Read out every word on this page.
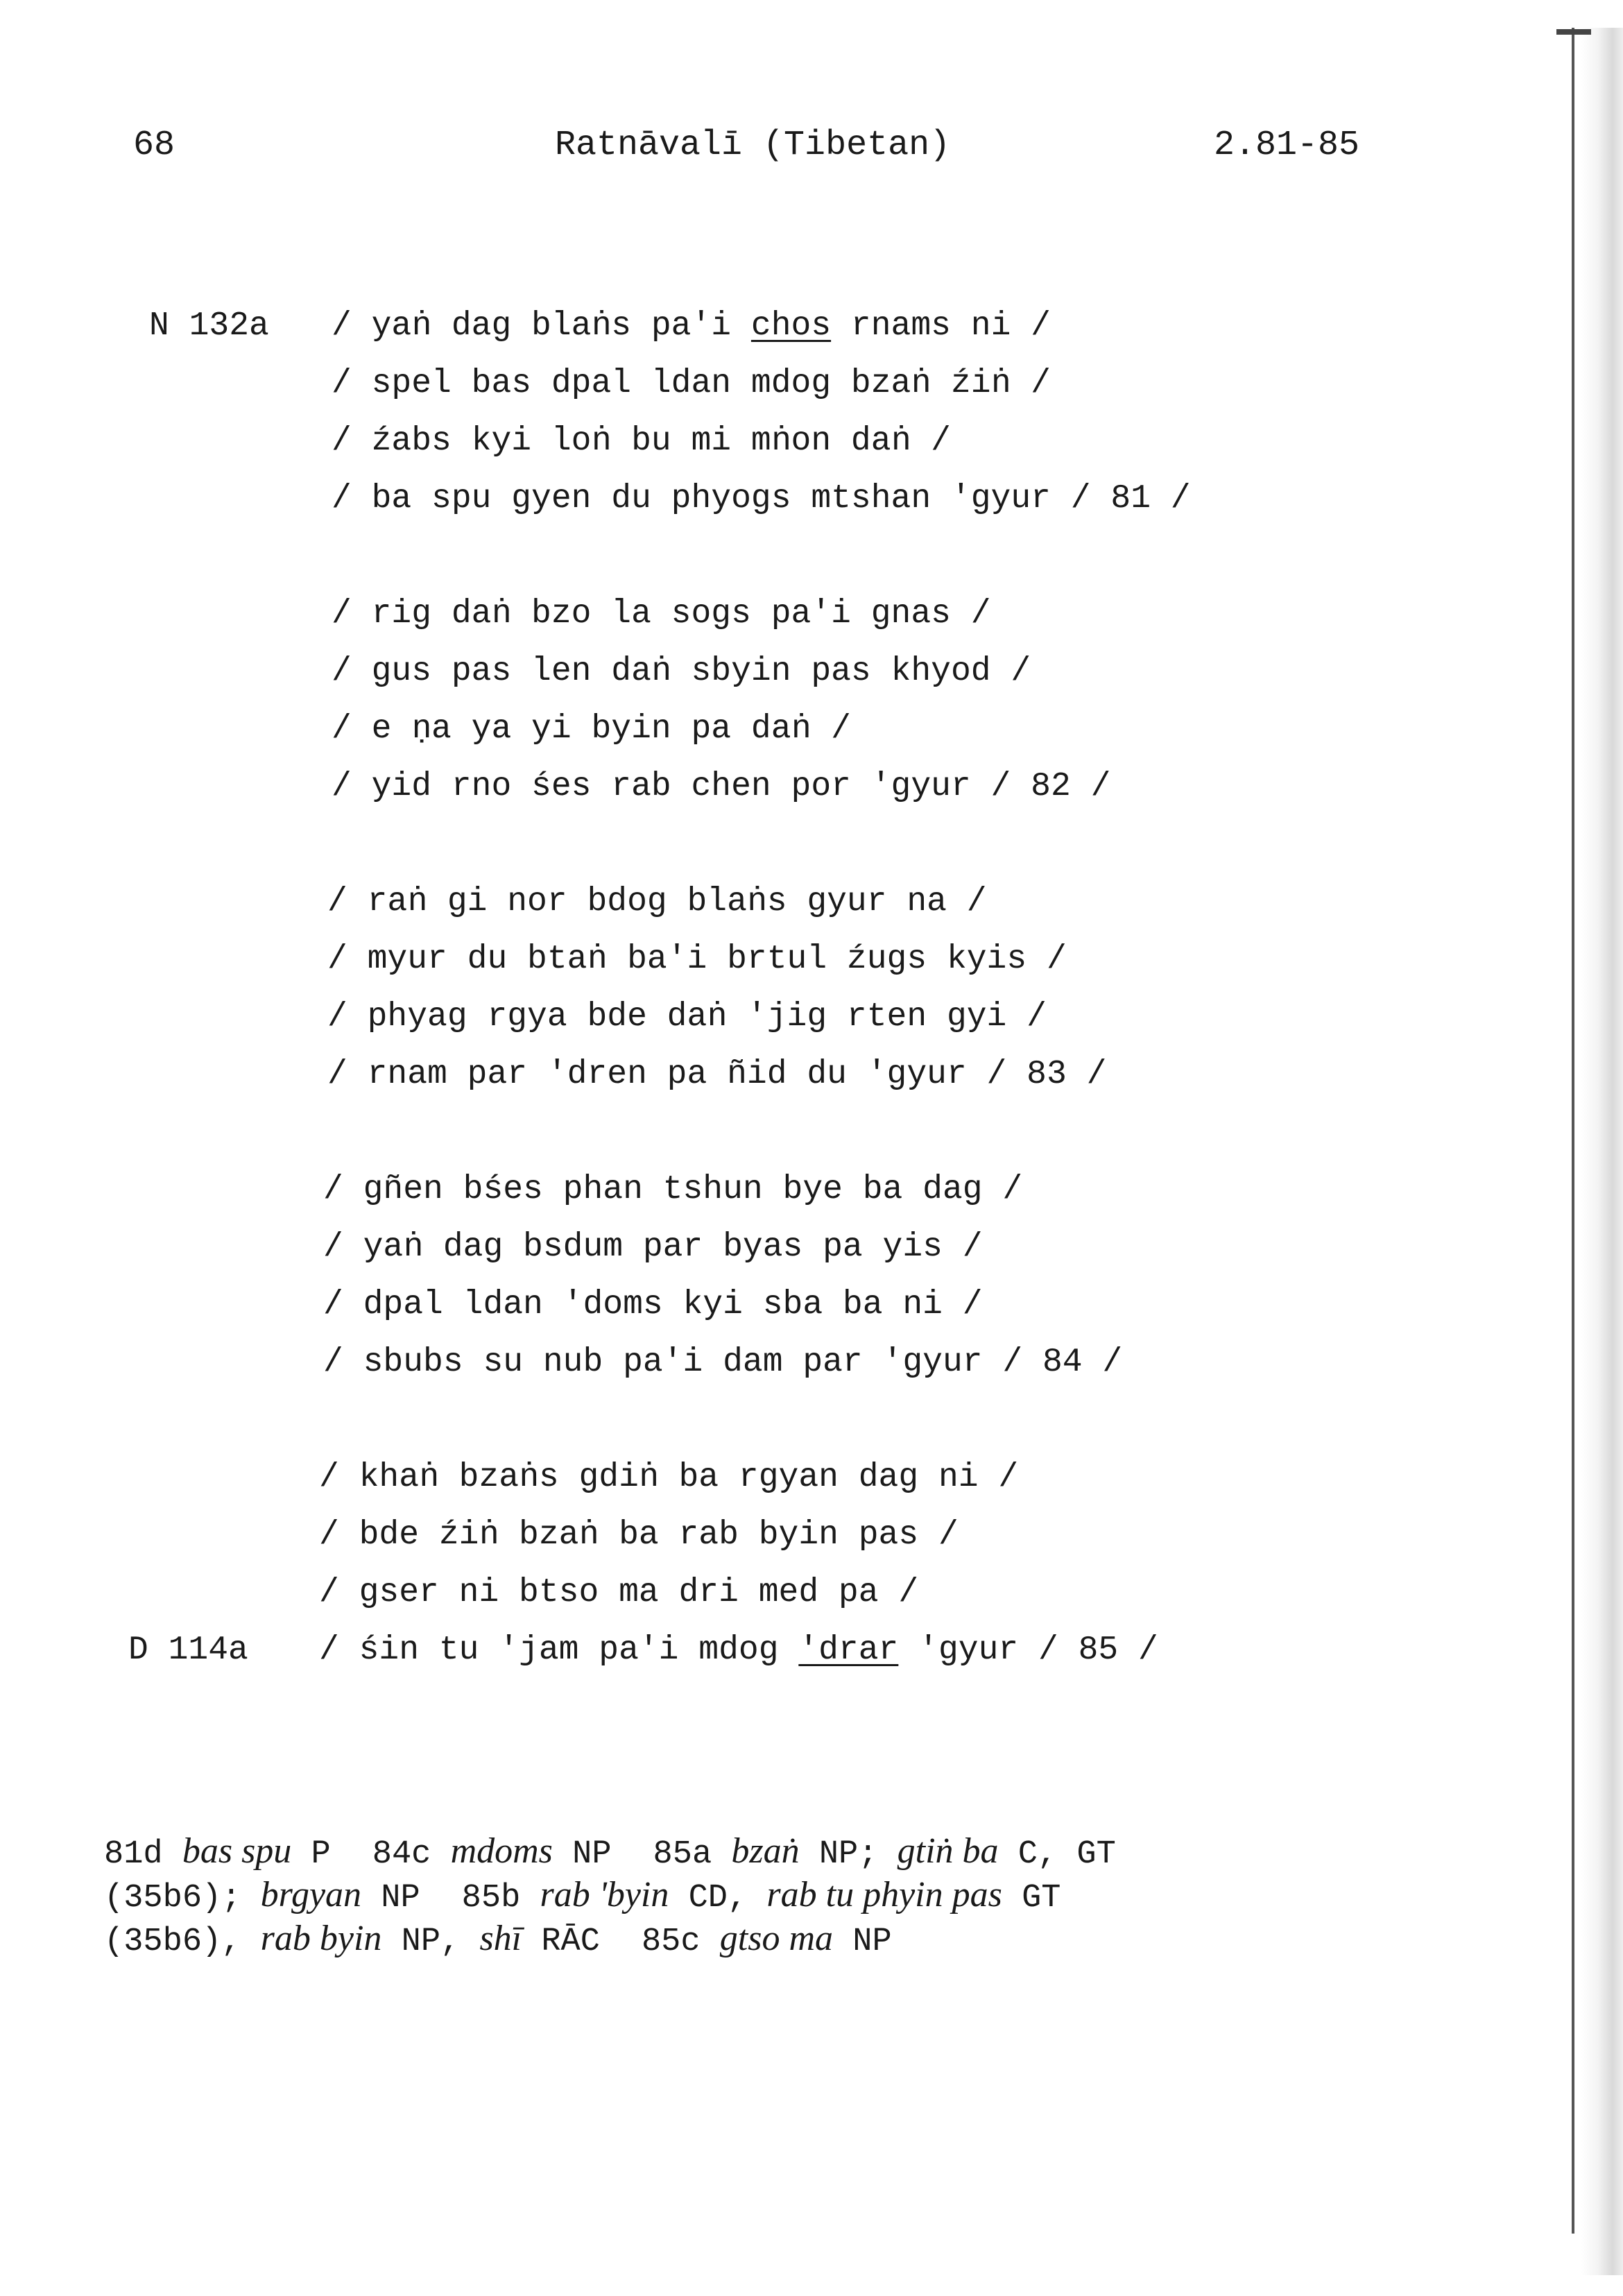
68	Ratnāvalī (Tibetan)	2.81-85
/ yaṅ dag blaṅs pa'i chos rnams ni /
N 132a
/ spel bas dpal ldan mdog bzaṅ źiṅ /
/ źabs kyi loṅ bu mi mṅon daṅ /
/ ba spu gyen du phyogs mtshan 'gyur / 81 /
/ rig daṅ bzo la sogs pa'i gnas /
/ gus pas len daṅ sbyin pas khyod /
/ e ṇa ya yi byin pa daṅ /
/ yid rno śes rab chen por 'gyur / 82 /
/ raṅ gi nor bdog blaṅs gyur na /
/ myur du btaṅ ba'i brtul źugs kyis /
/ phyag rgya bde daṅ 'jig rten gyi /
/ rnam par 'dren pa ñid du 'gyur / 83 /
/ gñen bśes phan tshun bye ba dag /
/ yaṅ dag bsdum par byas pa yis /
/ dpal ldan 'doms kyi sba ba ni /
/ sbubs su nub pa'i dam par 'gyur / 84 /
/ khaṅ bzaṅs gdiṅ ba rgyan dag ni /
/ bde źiṅ bzaṅ ba rab byin pas /
/ gser ni btso ma dri med pa /
/ śin tu 'jam pa'i mdog 'drar 'gyur / 85 /
D 114a
81d bas spu P 84c mdoms NP 85a bzaṅ NP; gtiṅ ba C, GT
(35b6); brgyan NP 85b rab 'byin CD, rab tu phyin pas GT
(35b6), rab byin NP, shī RĀC 85c gtso ma NP
